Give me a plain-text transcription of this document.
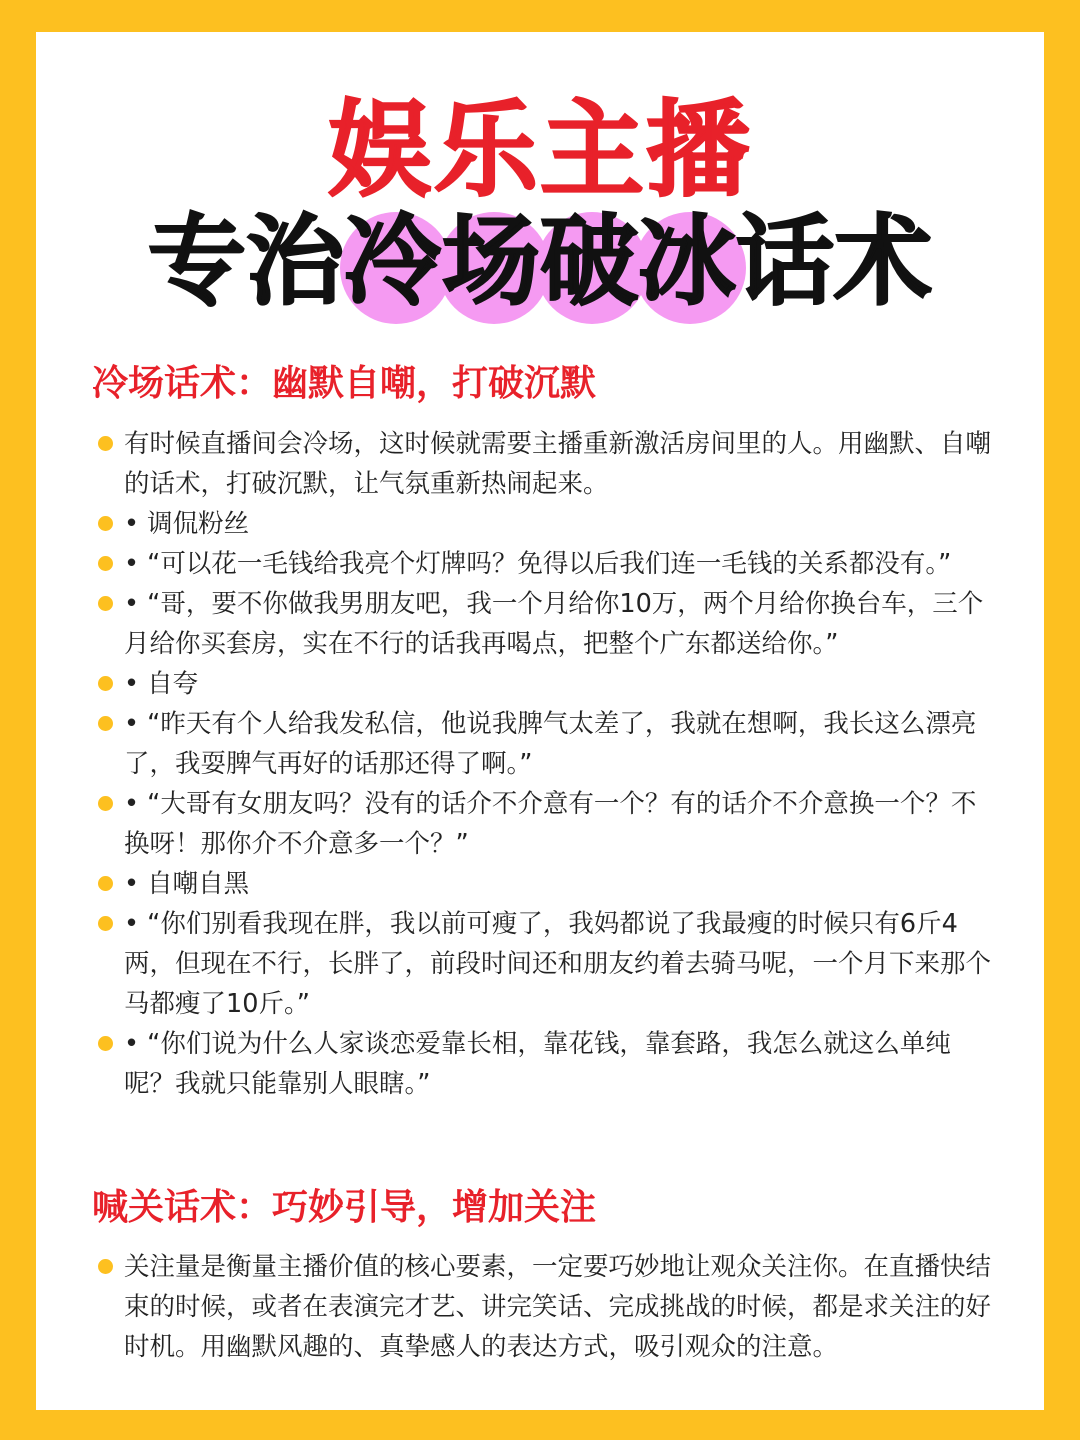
娱乐主播
专治冷场破冰话术
冷场话术：幽默自嘲，打破沉默
有时候直播间会冷场，这时候就需要主播重新激活房间里的人。用幽默、自嘲的话术，打破沉默，让气氛重新热闹起来。
• 调侃粉丝
• “可以花一毛钱给我亮个灯牌吗？免得以后我们连一毛钱的关系都没有。”
• “哥，要不你做我男朋友吧，我一个月给你10万，两个月给你换台车，三个月给你买套房，实在不行的话我再喝点，把整个广东都送给你。”
• 自夸
• “昨天有个人给我发私信，他说我脾气太差了，我就在想啊，我长这么漂亮了，我耍脾气再好的话那还得了啊。”
• “大哥有女朋友吗？没有的话介不介意有一个？有的话介不介意换一个？不换呀！那你介不介意多一个？”
• 自嘲自黑
• “你们别看我现在胖，我以前可瘦了，我妈都说了我最瘦的时候只有6斤4两，但现在不行，长胖了，前段时间还和朋友约着去骑马呢，一个月下来那个马都瘦了10斤。”
• “你们说为什么人家谈恋爱靠长相，靠花钱，靠套路，我怎么就这么单纯呢？我就只能靠别人眼瞎。”
喊关话术：巧妙引导，增加关注
关注量是衡量主播价值的核心要素，一定要巧妙地让观众关注你。在直播快结束的时候，或者在表演完才艺、讲完笑话、完成挑战的时候，都是求关注的好时机。用幽默风趣的、真挚感人的表达方式，吸引观众的注意。
